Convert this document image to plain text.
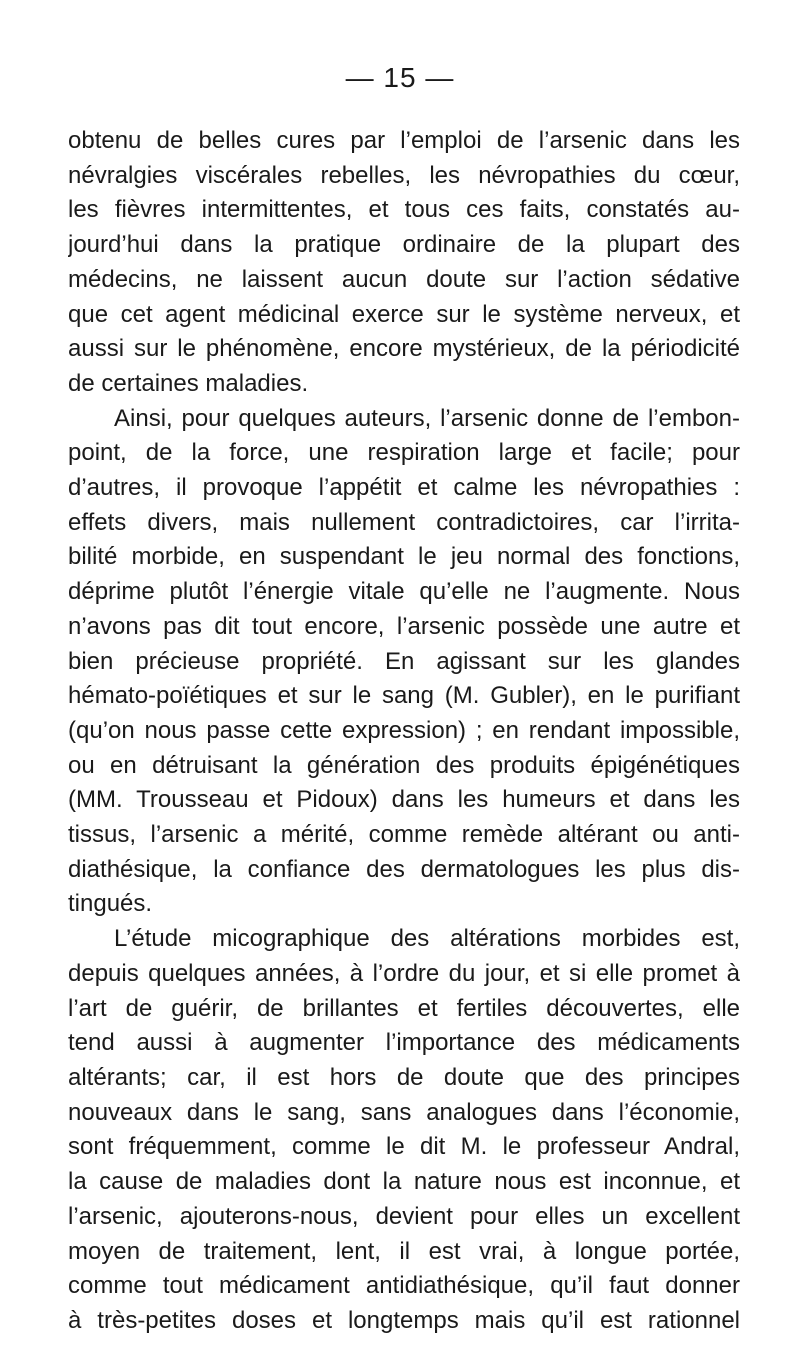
— 15 —
obtenu de belles cures par l’emploi de l’arsenic dans les
névralgies viscérales rebelles, les névropathies du cœur,
les fièvres intermittentes, et tous ces faits, constatés au-
jourd’hui dans la pratique ordinaire de la plupart des
médecins, ne laissent aucun doute sur l’action sédative
que cet agent médicinal exerce sur le système nerveux, et
aussi sur le phénomène, encore mystérieux, de la périodicité
de certaines maladies.
Ainsi, pour quelques auteurs, l’arsenic donne de l’embon-
point, de la force, une respiration large et facile; pour
d’autres, il provoque l’appétit et calme les névropathies :
effets divers, mais nullement contradictoires, car l’irrita-
bilité morbide, en suspendant le jeu normal des fonctions,
déprime plutôt l’énergie vitale qu’elle ne l’augmente. Nous
n’avons pas dit tout encore, l’arsenic possède une autre et
bien précieuse propriété. En agissant sur les glandes
hémato-poïétiques et sur le sang (M. Gubler), en le purifiant
(qu’on nous passe cette expression) ; en rendant impossible,
ou en détruisant la génération des produits épigénétiques
(MM. Trousseau et Pidoux) dans les humeurs et dans les
tissus, l’arsenic a mérité, comme remède altérant ou anti-
diathésique, la confiance des dermatologues les plus dis-
tingués.
L’étude micographique des altérations morbides est,
depuis quelques années, à l’ordre du jour, et si elle promet à
l’art de guérir, de brillantes et fertiles découvertes, elle
tend aussi à augmenter l’importance des médicaments
altérants; car, il est hors de doute que des principes
nouveaux dans le sang, sans analogues dans l’économie,
sont fréquemment, comme le dit M. le professeur Andral,
la cause de maladies dont la nature nous est inconnue, et
l’arsenic, ajouterons-nous, devient pour elles un excellent
moyen de traitement, lent, il est vrai, à longue portée,
comme tout médicament antidiathésique, qu’il faut donner
à très-petites doses et longtemps mais qu’il est rationnel
